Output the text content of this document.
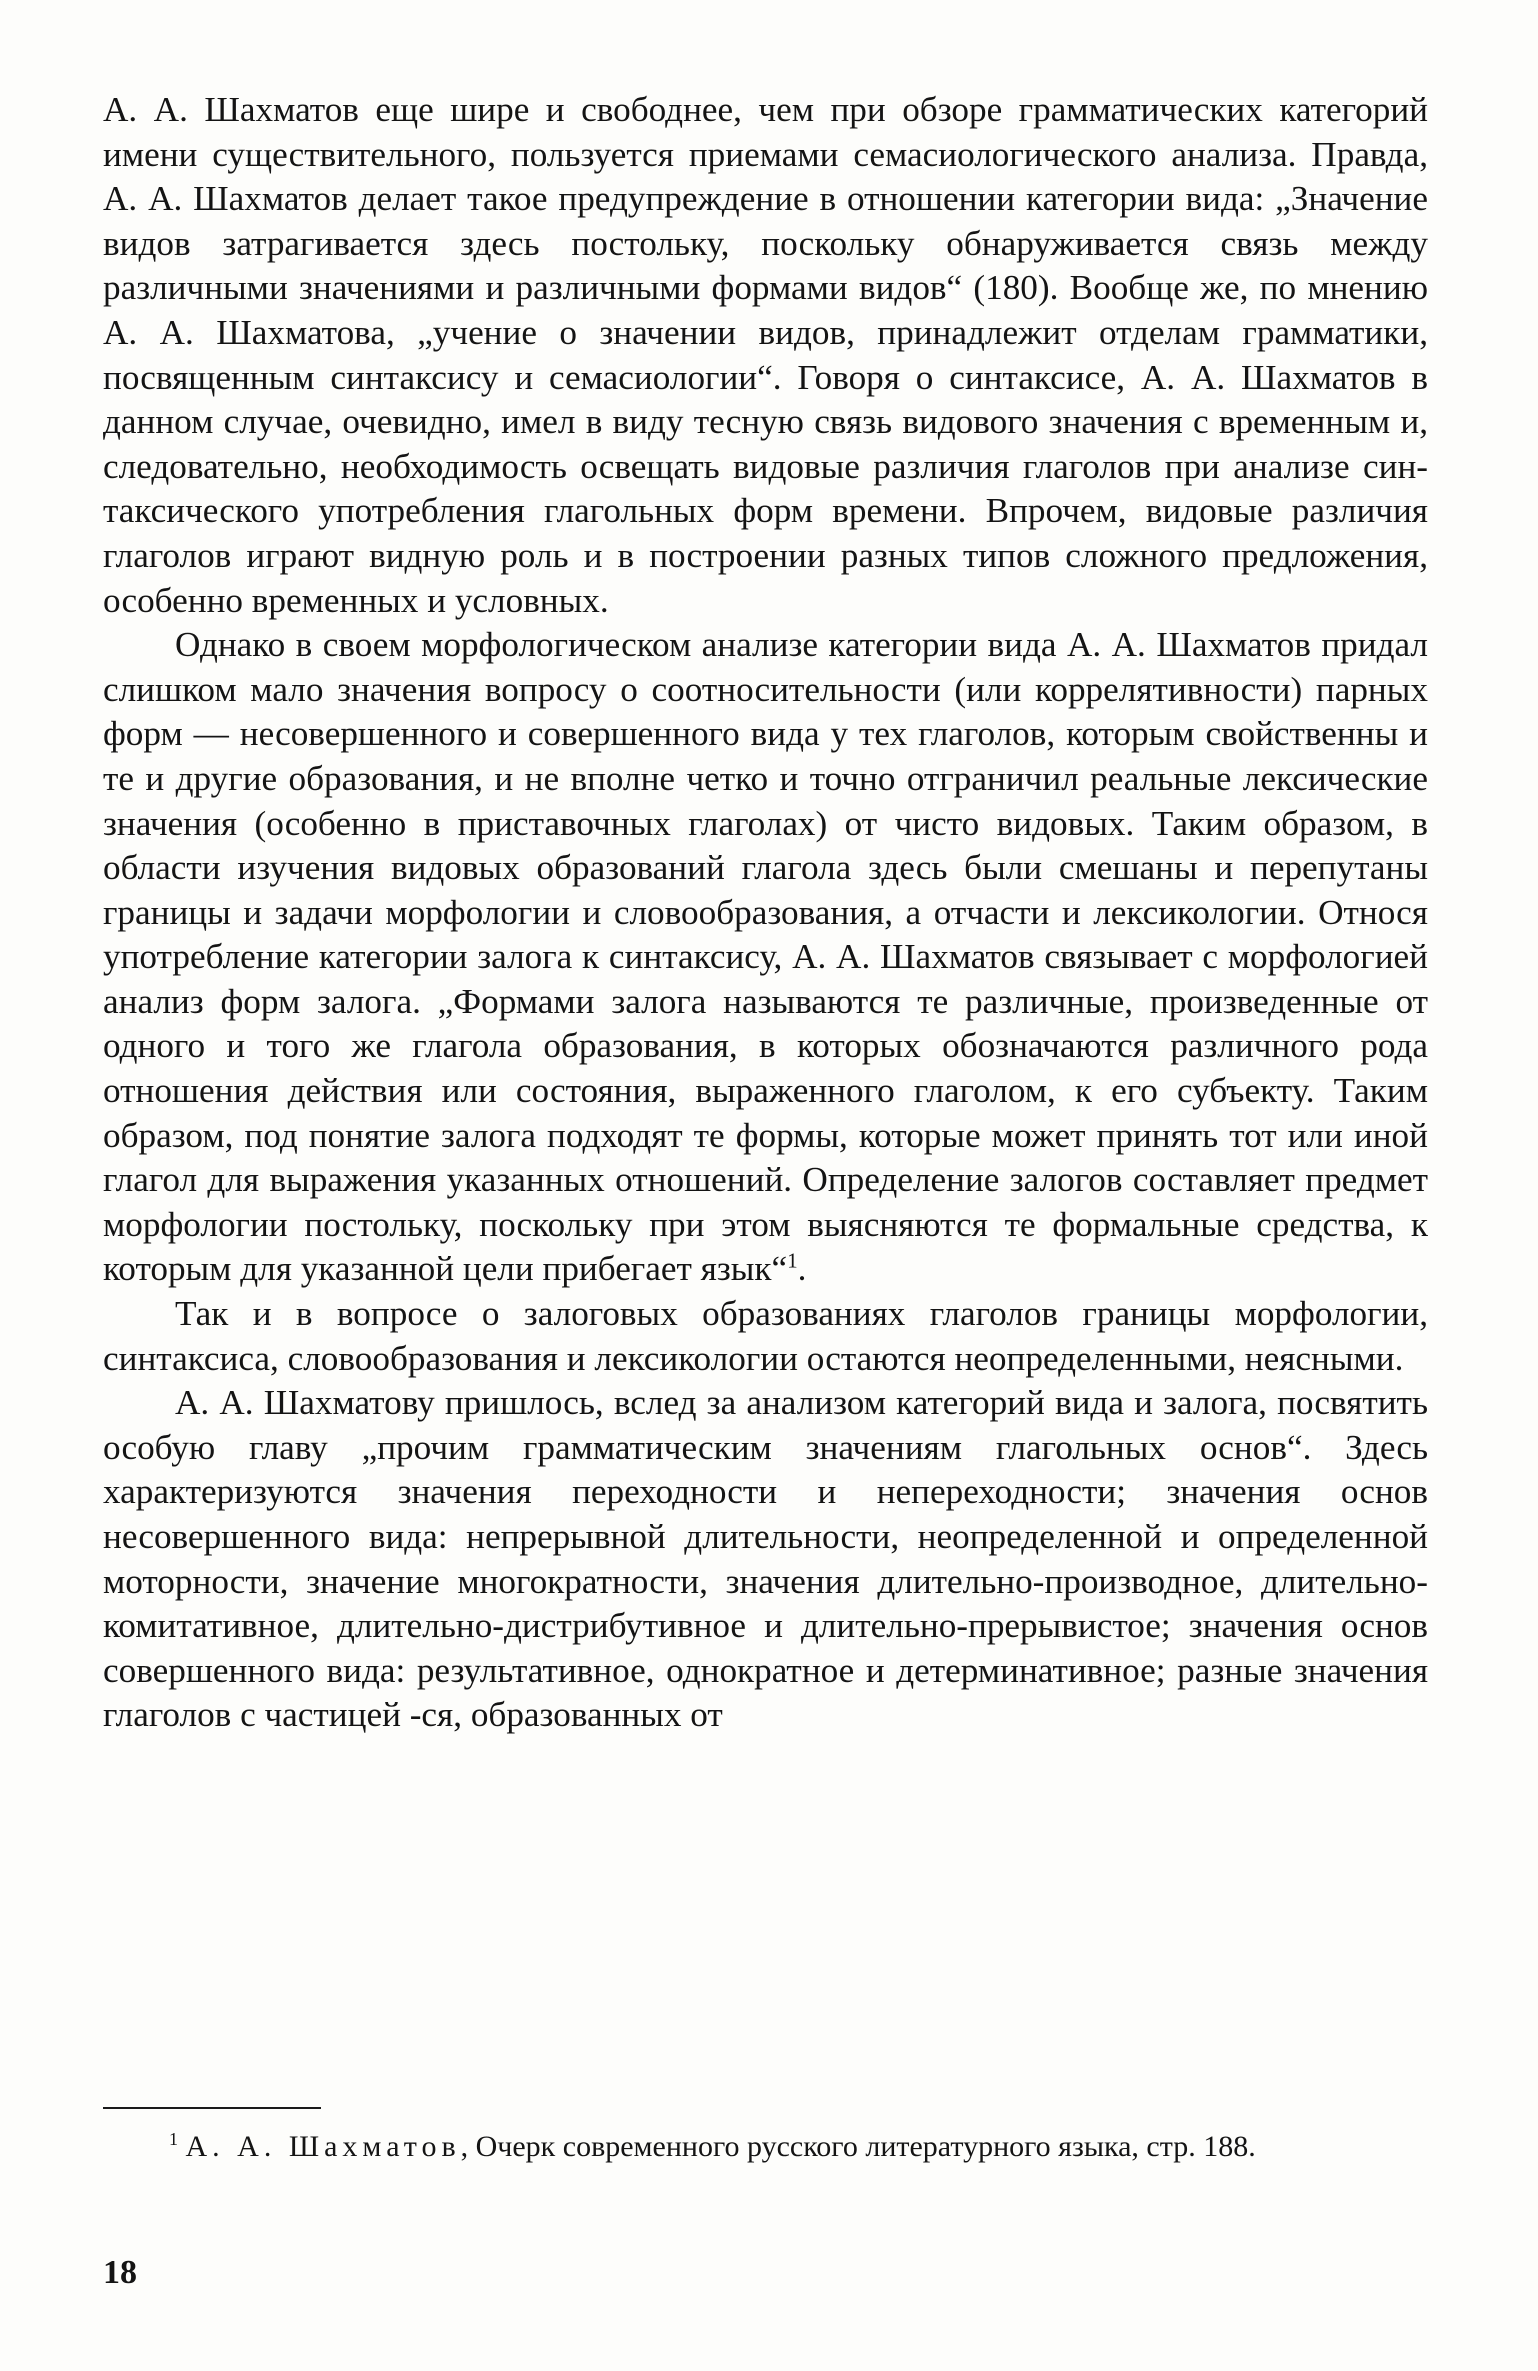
А. А. Шахматов еще шире и свободнее, чем при обзоре грамматических категорий имени существительного, пользуется приемами семасиологического анализа. Правда, А. А. Шахматов делает такое предупреждение в отношении категории вида: „Значение видов затрагивается здесь постольку, поскольку обнаруживается связь между различными значениями и различными формами видов“ (180). Вообще же, по мнению А. А. Шахматова, „учение о значении видов, принадлежит отделам грамматики, посвященным синтаксису и семасиологии“. Говоря о синтаксисе, А. А. Шахматов в данном случае, очевидно, имел в виду тесную связь видового значения с временным и, следовательно, необходимость освещать видовые различия глаголов при анализе синтаксического употребления глагольных форм времени. Впрочем, видовые различия глаголов играют видную роль и в построении разных типов сложного предложения, особенно временных и условных.

Однако в своем морфологическом анализе категории вида А. А. Шахматов придал слишком мало значения вопросу о соотносительности (или коррелятивности) парных форм — несовершенного и совершенного вида у тех глаголов, которым свойственны и те и другие образования, и не вполне четко и точно отграничил реальные лексические значения (особенно в приставочных глаголах) от чисто видовых. Таким образом, в области изучения видовых образований глагола здесь были смешаны и перепутаны границы и задачи морфологии и словообразования, а отчасти и лексикологии. Относя употребление категории залога к синтаксису, А. А. Шахматов связывает с морфологией анализ форм залога. „Формами залога называются те различные, произведенные от одного и того же глагола образования, в которых обозначаются различного рода отношения действия или состояния, выраженного глаголом, к его субъекту. Таким образом, под понятие залога подходят те формы, которые может принять тот или иной глагол для выражения указанных отношений. Определение залогов составляет предмет морфологии постольку, поскольку при этом выясняются те формальные средства, к которым для указанной цели прибегает язык“$^1$.

Так и в вопросе о залоговых образованиях глаголов границы морфологии, синтаксиса, словообразования и лексикологии остаются неопределенными, неясными.

А. А. Шахматову пришлось, вслед за анализом категорий вида и залога, посвятить особую главу „прочим грамматическим значениям глагольных основ“. Здесь характеризуются значения переходности и непереходности; значения основ несовершенного вида: непрерывной длительности, неопределенной и определенной моторности, значение многократности, значения длительно-производное, длительно-комитативное, длительно-дистрибутивное и длительно-прерывистое; значения основ совершенного вида: результативное, однократное и детерминативное; разные значения глаголов с частицей -ся, образованных от

$^1$ А. А. Шахматов, Очерк современного русского литературного языка, стр. 188.
18
